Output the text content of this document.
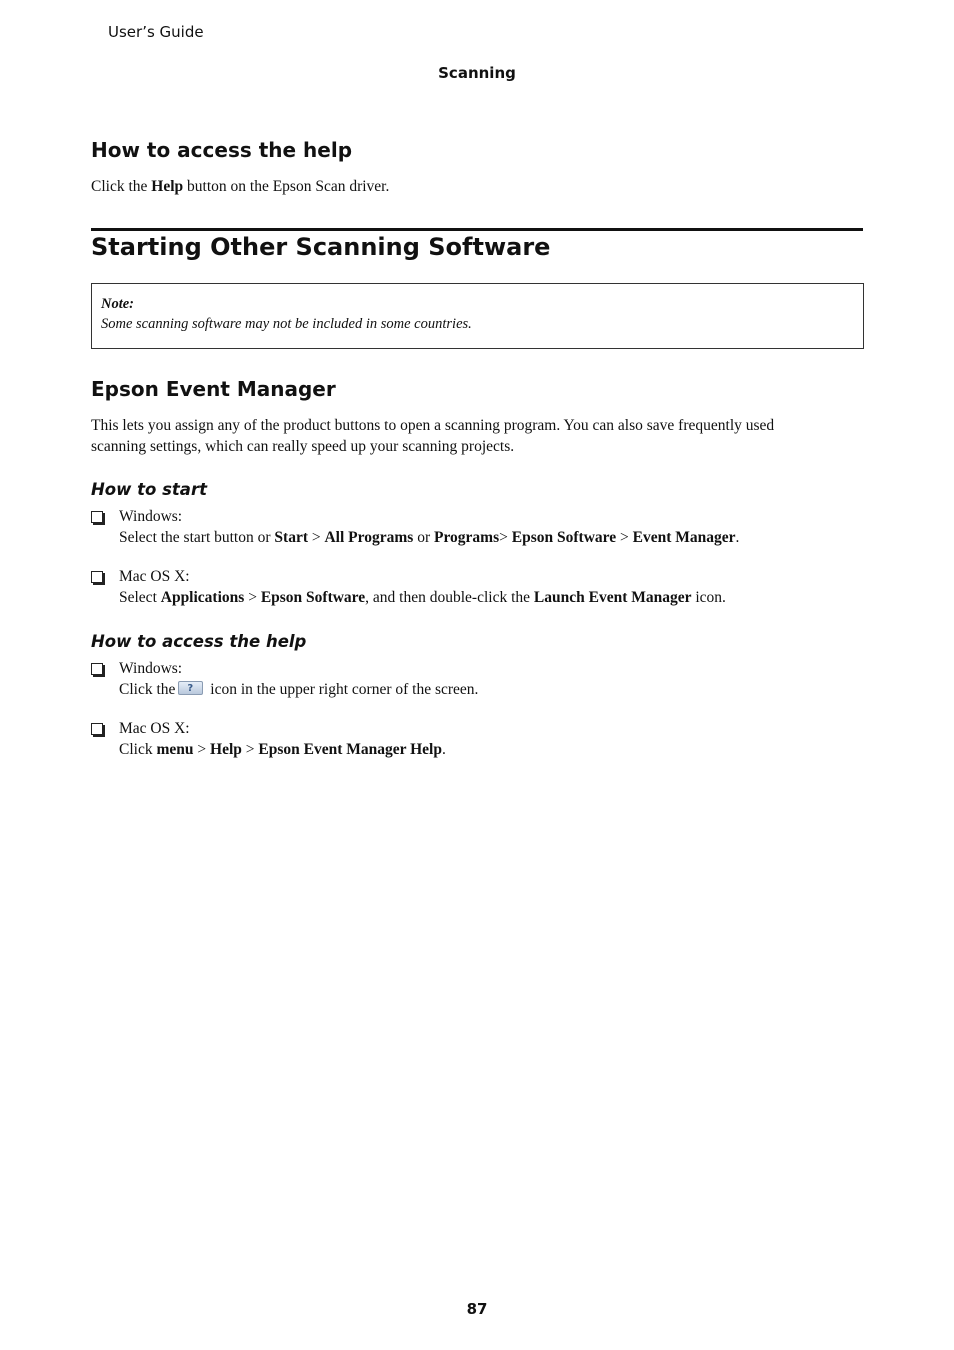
User’s Guide
Scanning
How to access the help
Click the Help button on the Epson Scan driver.
Starting Other Scanning Software
Note:
Some scanning software may not be included in some countries.
Epson Event Manager
This lets you assign any of the product buttons to open a scanning program. You can also save frequently used
scanning settings, which can really speed up your scanning projects.
How to start
Windows:
Select the start button or Start > All Programs or Programs> Epson Software > Event Manager.
Mac OS X:
Select Applications > Epson Software, and then double-click the Launch Event Manager icon.
How to access the help
Windows:
Click the? icon in the upper right corner of the screen.
Mac OS X:
Click menu > Help > Epson Event Manager Help.
87
